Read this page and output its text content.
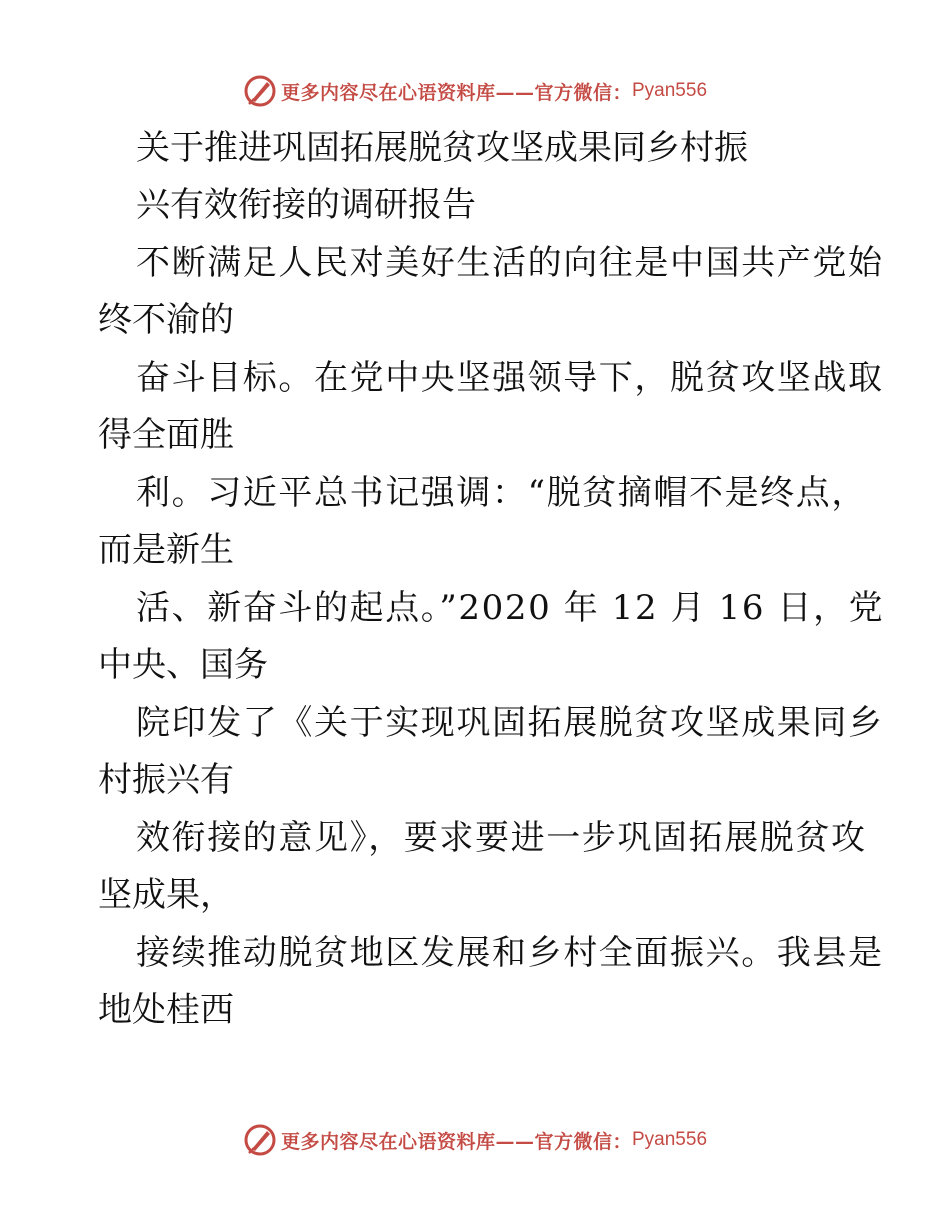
更多内容尽在心语资料库——官方微信： Pyan556
关于推进巩固拓展脱贫攻坚成果同乡村振
兴有效衔接的调研报告
不断满足人民对美好生活的向往是中国共产党始
终不渝的
奋斗目标。在党中央坚强领导下，脱贫攻坚战取
得全面胜
利。习近平总书记强调：“脱贫摘帽不是终点，
而是新生
活、新奋斗的起点。”2020 年 12 月 16 日，党
中央、国务
院印发了《关于实现巩固拓展脱贫攻坚成果同乡
村振兴有
效衔接的意见》，要求要进一步巩固拓展脱贫攻
坚成果，
接续推动脱贫地区发展和乡村全面振兴。我县是
地处桂西
更多内容尽在心语资料库——官方微信： Pyan556
